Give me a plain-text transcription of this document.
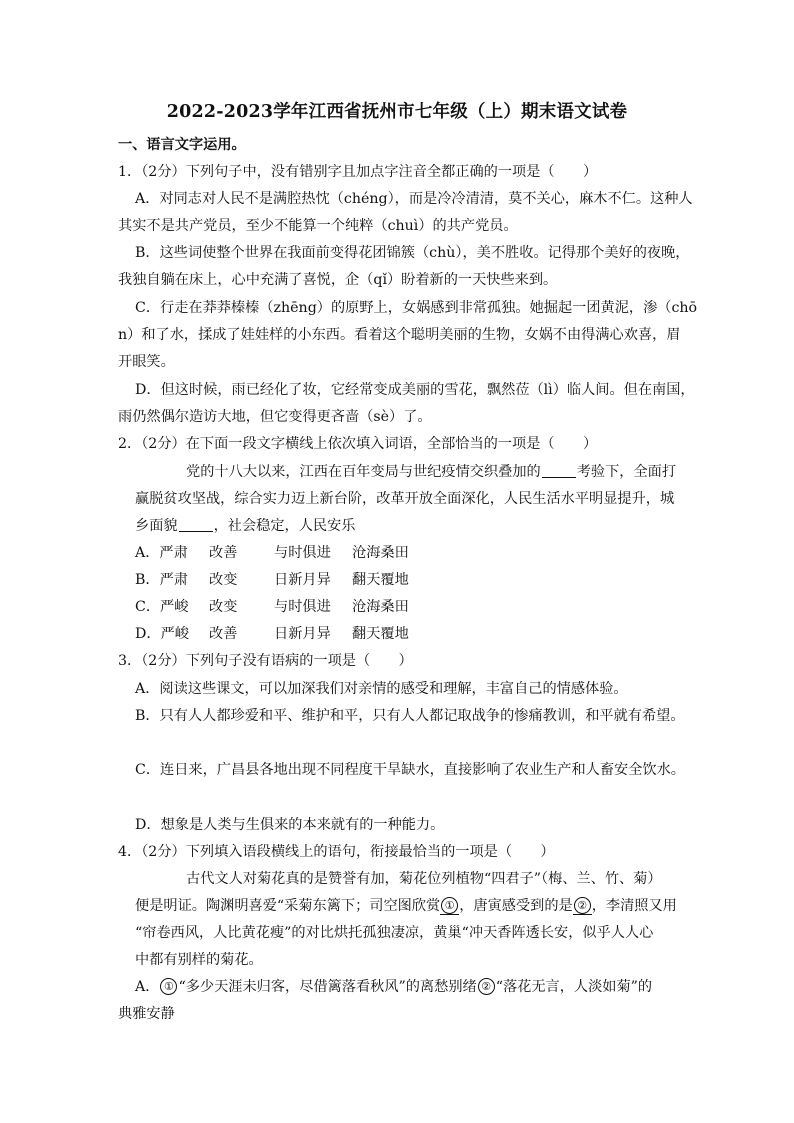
2022-2023学年江西省抚州市七年级（上）期末语文试卷
一、语言文字运用。
1．（2分）下列句子中，没有错别字且加点字注音全都正确的一项是（　　）
A．对同志对人民不是满腔热忱（chéng），而是冷冷清清，莫不关心，麻木不仁。这种人
其实不是共产党员，至少不能算一个纯粹（chuì）的共产党员。
B．这些词使整个世界在我面前变得花团锦簇（chù），美不胜收。记得那个美好的夜晚，
我独自躺在床上，心中充满了喜悦，企（qǐ）盼着新的一天快些来到。
C．行走在莽莽榛榛（zhēng）的原野上，女娲感到非常孤独。她掘起一团黄泥，渗（chō
n）和了水，揉成了娃娃样的小东西。看着这个聪明美丽的生物，女娲不由得满心欢喜，眉
开眼笑。
D．但这时候，雨已经化了妆，它经常变成美丽的雪花，飘然莅（lì）临人间。但在南国，
雨仍然偶尔造访大地，但它变得更吝啬（sè）了。
2．（2分）在下面一段文字横线上依次填入词语，全部恰当的一项是（　　）
党的十八大以来，江西在百年变局与世纪疫情交织叠加的	考验下，全面打
赢脱贫攻坚战，综合实力迈上新台阶，改革开放全面深化，人民生活水平明显提升，城
乡面貌	，社会稳定，人民安乐
A．严肃 改善	与时俱进 沧海桑田
B．严肃 改变	日新月异 翻天覆地
C．严峻 改变	与时俱进 沧海桑田
D．严峻 改善	日新月异 翻天覆地
3．（2分）下列句子没有语病的一项是（　　）
A．阅读这些课文，可以加深我们对亲情的感受和理解，丰富自己的情感体验。
B．只有人人都珍爱和平、维护和平，只有人人都记取战争的惨痛教训，和平就有希望。
C．连日来，广昌县各地出现不同程度干旱缺水，直接影响了农业生产和人畜安全饮水。
D．想象是人类与生俱来的本来就有的一种能力。
4．（2分）下列填入语段横线上的语句，衔接最恰当的一项是（　　）
古代文人对菊花真的是赞誉有加，菊花位列植物“四君子”（梅、兰、竹、菊）
便是明证。陶渊明喜爱“采菊东篱下；司空图欣赏 ① ，唐寅感受到的是 ② ，李清照又用
“帘卷西风，人比黄花瘦”的对比烘托孤独凄凉，黄巢“冲天香阵透长安，似乎人人心
中都有别样的菊花。
A． ① “多少天涯未归客，尽借篱落看秋风”的离愁别绪 ② “落花无言，人淡如菊”的
典雅安静
